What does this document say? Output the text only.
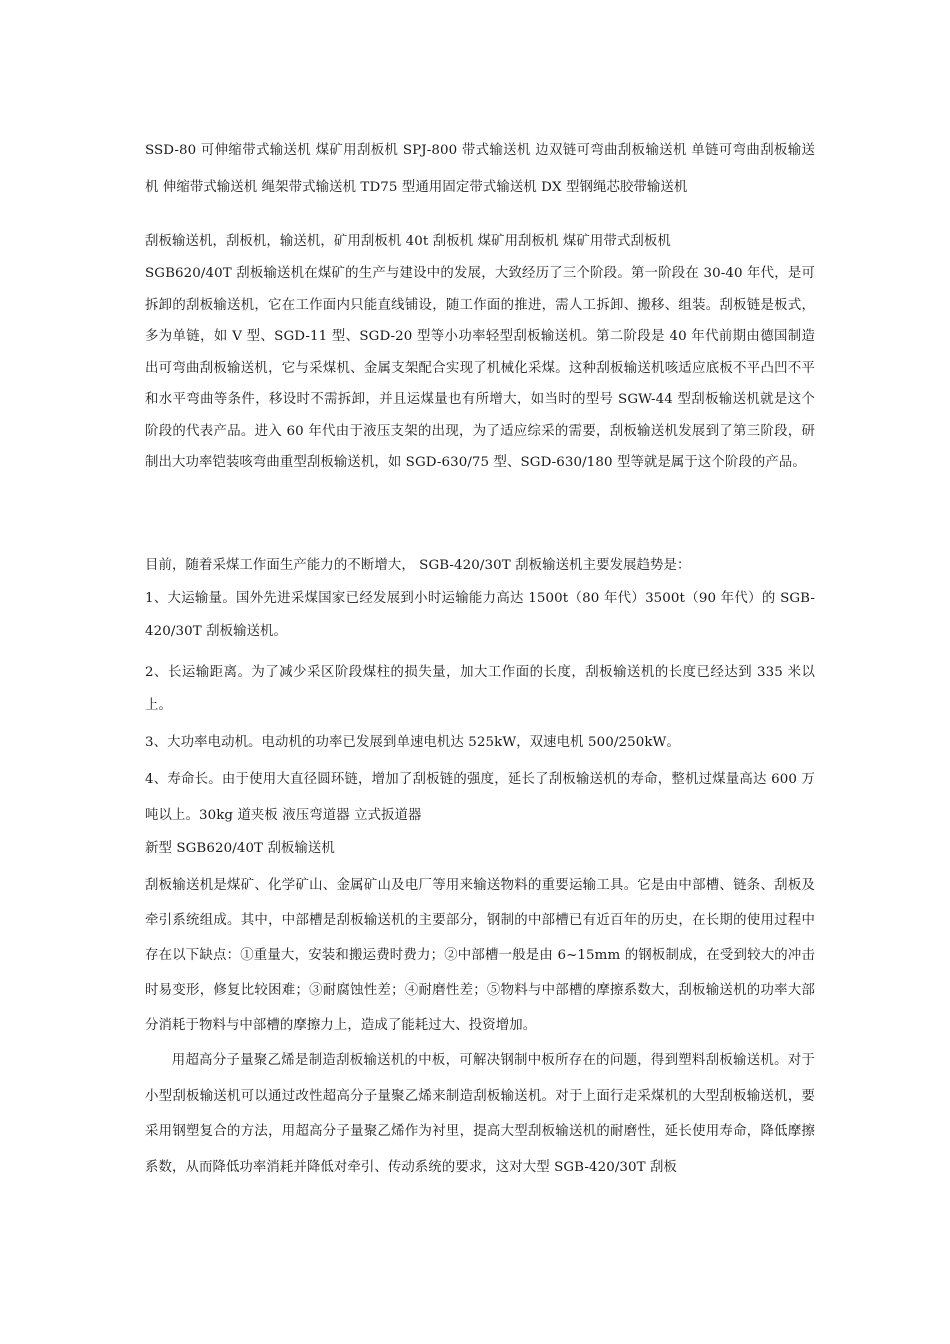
SSD-80 可伸缩带式输送机 煤矿用刮板机 SPJ-800 带式输送机 边双链可弯曲刮板输送机 单链可弯曲刮板输送机 伸缩带式输送机 绳架带式输送机 TD75 型通用固定带式输送机 DX 型钢绳芯胶带输送机

刮板输送机，刮板机，输送机，矿用刮板机 40t 刮板机 煤矿用刮板机 煤矿用带式刮板机

SGB620/40T 刮板输送机在煤矿的生产与建设中的发展，大致经历了三个阶段。第一阶段在 30-40 年代，是可拆卸的刮板输送机，它在工作面内只能直线铺设，随工作面的推进，需人工拆卸、搬移、组装。刮板链是板式，多为单链，如 V 型、SGD-11 型、SGD-20 型等小功率轻型刮板输送机。第二阶段是 40 年代前期由德国制造出可弯曲刮板输送机，它与采煤机、金属支架配合实现了机械化采煤。这种刮板输送机咳适应底板不平凸凹不平和水平弯曲等条件，移设时不需拆卸，并且运煤量也有所增大，如当时的型号 SGW-44 型刮板输送机就是这个阶段的代表产品。进入 60 年代由于液压支架的出现，为了适应综采的需要，刮板输送机发展到了第三阶段，研制出大功率铠装咳弯曲重型刮板输送机，如 SGD-630/75 型、SGD-630/180 型等就是属于这个阶段的产品。

目前，随着采煤工作面生产能力的不断增大， SGB-420/30T 刮板输送机主要发展趋势是：

1、大运输量。国外先进采煤国家已经发展到小时运输能力高达 1500t（80 年代）3500t（90 年代）的 SGB-420/30T 刮板输送机。

2、长运输距离。为了减少采区阶段煤柱的损失量，加大工作面的长度，刮板输送机的长度已经达到 335 米以上。

3、大功率电动机。电动机的功率已发展到单速电机达 525kW，双速电机 500/250kW。

4、寿命长。由于使用大直径圆环链，增加了刮板链的强度，延长了刮板输送机的寿命，整机过煤量高达 600 万吨以上。30kg 道夹板 液压弯道器 立式扳道器

新型 SGB620/40T 刮板输送机

刮板输送机是煤矿、化学矿山、金属矿山及电厂等用来输送物料的重要运输工具。它是由中部槽、链条、刮板及牵引系统组成。其中，中部槽是刮板输送机的主要部分，钢制的中部槽已有近百年的历史，在长期的使用过程中存在以下缺点：①重量大，安装和搬运费时费力；②中部槽一般是由 6~15mm 的钢板制成，在受到较大的冲击时易变形，修复比较困难；③耐腐蚀性差；④耐磨性差；⑤物料与中部槽的摩擦系数大，刮板输送机的功率大部分消耗于物料与中部槽的摩擦力上，造成了能耗过大、投资增加。

用超高分子量聚乙烯是制造刮板输送机的中板，可解决钢制中板所存在的问题，得到塑料刮板输送机。对于小型刮板输送机可以通过改性超高分子量聚乙烯来制造刮板输送机。对于上面行走采煤机的大型刮板输送机，要采用钢塑复合的方法，用超高分子量聚乙烯作为衬里，提高大型刮板输送机的耐磨性，延长使用寿命，降低摩擦系数，从而降低功率消耗并降低对牵引、传动系统的要求，这对大型 SGB-420/30T 刮板
